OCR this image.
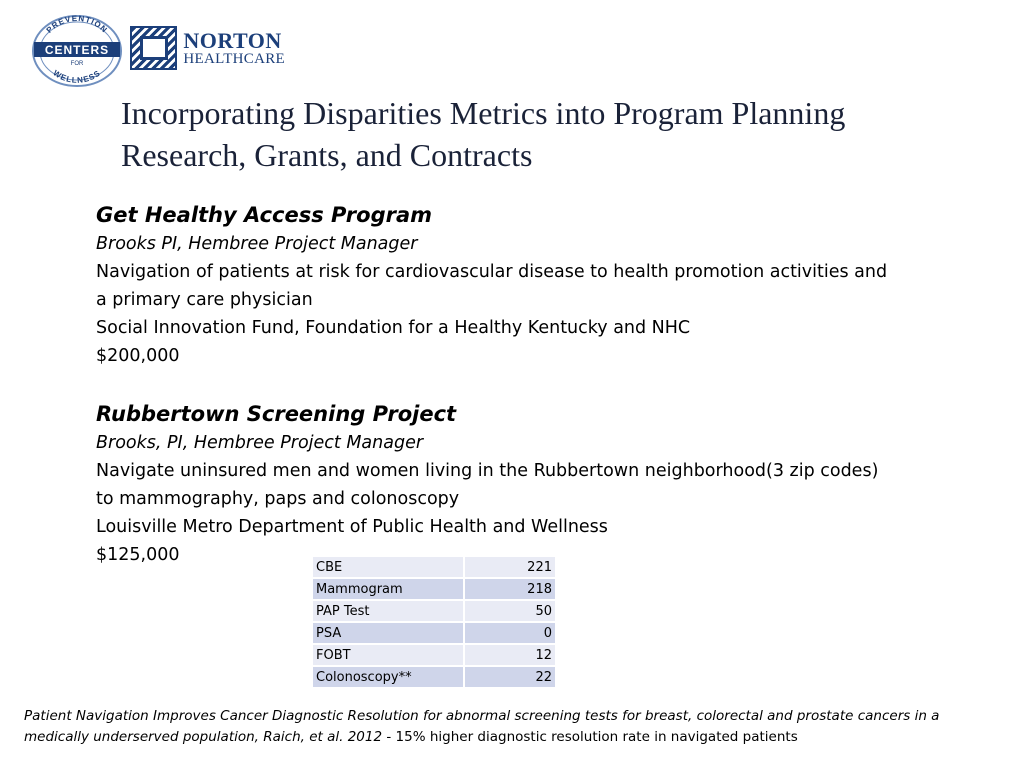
PREVENTION
WELLNESS
CENTERS
FOR
NORTON
HEALTHCARE
Incorporating Disparities Metrics into Program Planning
Research, Grants, and Contracts
Get Healthy Access Program
Brooks PI, Hembree Project Manager
Navigation of patients at risk for cardiovascular disease to health promotion activities and
a primary care physician
Social Innovation Fund, Foundation for a Healthy Kentucky and NHC
$200,000
Rubbertown Screening Project
Brooks, PI, Hembree Project Manager
Navigate uninsured men and women living in the Rubbertown neighborhood(3 zip codes)
to mammography, paps and colonoscopy
Louisville Metro Department of Public Health and Wellness
$125,000
CBE	221
Mammogram	218
PAP Test	50
PSA	0
FOBT	12
Colonoscopy**	22
Patient Navigation Improves Cancer Diagnostic Resolution for abnormal screening tests for breast, colorectal and prostate cancers in a medically underserved population, Raich, et al. 2012 - 15% higher diagnostic resolution rate in navigated patients
